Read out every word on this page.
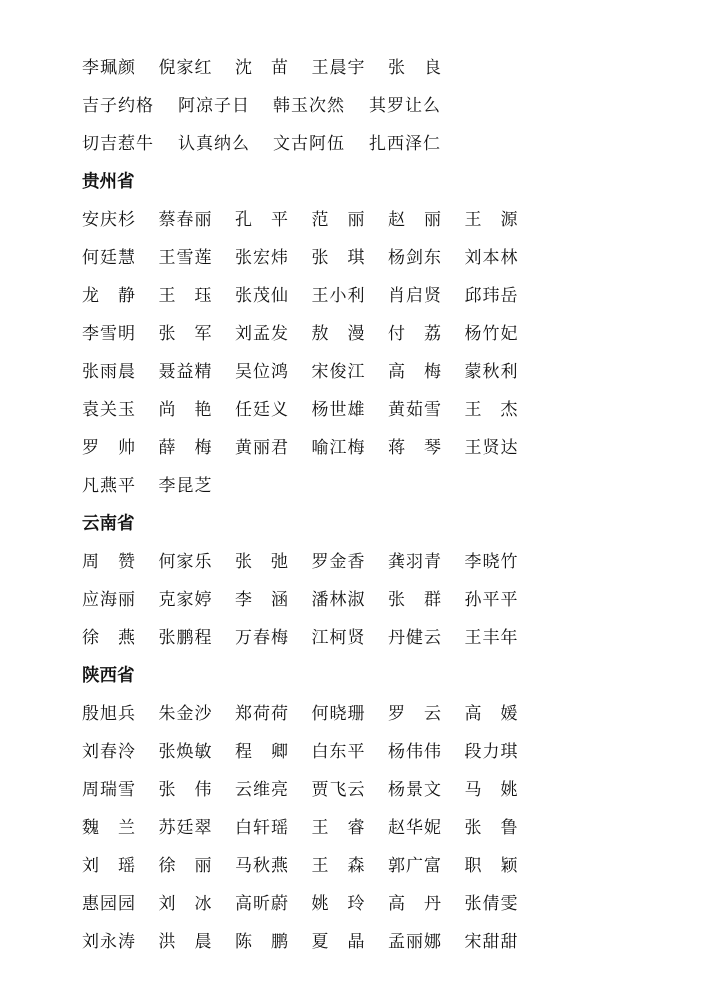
李珮颜 倪家红 沈　苗 王晨宇 张　良
吉子约格 阿凉子日 韩玉次然 其罗让么
切吉惹牛 认真纳么 文古阿伍 扎西泽仁
贵州省
安庆杉 蔡春丽 孔　平 范　丽 赵　丽 王　源
何廷慧 王雪莲 张宏炜 张　琪 杨剑东 刘本林
龙　静 王　珏 张茂仙 王小利 肖启贤 邱玮岳
李雪明 张　军 刘孟发 敖　漫 付　荔 杨竹妃
张雨晨 聂益精 吴位鸿 宋俊江 高　梅 蒙秋利
袁关玉 尚　艳 任廷义 杨世雄 黄茹雪 王　杰
罗　帅 薛　梅 黄丽君 喻江梅 蒋　琴 王贤达
凡燕平 李昆芝
云南省
周　赞 何家乐 张　弛 罗金香 龚羽青 李晓竹
应海丽 克家婷 李　涵 潘林淑 张　群 孙平平
徐　燕 张鹏程 万春梅 江柯贤 丹健云 王丰年
陕西省
殷旭兵 朱金沙 郑荷荷 何晓珊 罗　云 高　媛
刘春泠 张焕敏 程　卿 白东平 杨伟伟 段力琪
周瑞雪 张　伟 云维亮 贾飞云 杨景文 马　姚
魏　兰 苏廷翠 白轩瑶 王　睿 赵华妮 张　鲁
刘　瑶 徐　丽 马秋燕 王　森 郭广富 职　颖
惠园园 刘　冰 高昕蔚 姚　玲 高　丹 张倩雯
刘永涛 洪　晨 陈　鹏 夏　晶 孟丽娜 宋甜甜
